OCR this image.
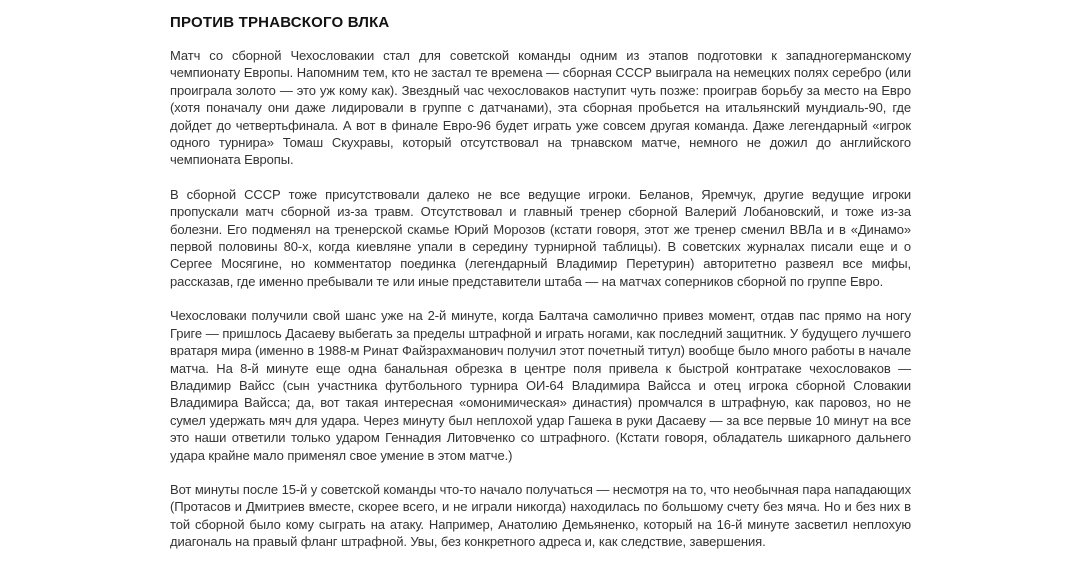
ПРОТИВ ТРНАВСКОГО ВЛКА

Матч со сборной Чехословакии стал для советской команды одним из этапов подготовки к западногерманскому чемпионату Европы. Напомним тем, кто не застал те времена — сборная СССР выиграла на немецких полях серебро (или проиграла золото — это уж кому как). Звездный час чехословаков наступит чуть позже: проиграв борьбу за место на Евро (хотя поначалу они даже лидировали в группе с датчанами), эта сборная пробьется на итальянский мундиаль-90, где дойдет до четвертьфинала. А вот в финале Евро-96 будет играть уже совсем другая команда. Даже легендарный «игрок одного турнира» Томаш Скухравы, который отсутствовал на трнавском матче, немного не дожил до английского чемпионата Европы.

В сборной СССР тоже присутствовали далеко не все ведущие игроки. Беланов, Яремчук, другие ведущие игроки пропускали матч сборной из-за травм. Отсутствовал и главный тренер сборной Валерий Лобановский, и тоже из-за болезни. Его подменял на тренерской скамье Юрий Морозов (кстати говоря, этот же тренер сменил ВВЛа и в «Динамо» первой половины 80-х, когда киевляне упали в середину турнирной таблицы). В советских журналах писали еще и о Сергее Мосягине, но комментатор поединка (легендарный Владимир Перетурин) авторитетно развеял все мифы, рассказав, где именно пребывали те или иные представители штаба — на матчах соперников сборной по группе Евро.

Чехословаки получили свой шанс уже на 2-й минуте, когда Балтача самолично привез момент, отдав пас прямо на ногу Григе — пришлось Дасаеву выбегать за пределы штрафной и играть ногами, как последний защитник. У будущего лучшего вратаря мира (именно в 1988-м Ринат Файзрахманович получил этот почетный титул) вообще было много работы в начале матча. На 8-й минуте еще одна банальная обрезка в центре поля привела к быстрой контратаке чехословаков — Владимир Вайсс (сын участника футбольного турнира ОИ-64 Владимира Вайсса и отец игрока сборной Словакии Владимира Вайсса; да, вот такая интересная «омонимическая» династия) промчался в штрафную, как паровоз, но не сумел удержать мяч для удара. Через минуту был неплохой удар Гашека в руки Дасаеву — за все первые 10 минут на все это наши ответили только ударом Геннадия Литовченко со штрафного. (Кстати говоря, обладатель шикарного дальнего удара крайне мало применял свое умение в этом матче.)

Вот минуты после 15-й у советской команды что-то начало получаться — несмотря на то, что необычная пара нападающих (Протасов и Дмитриев вместе, скорее всего, и не играли никогда) находилась по большому счету без мяча. Но и без них в той сборной было кому сыграть на атаку. Например, Анатолию Демьяненко, который на 16-й минуте засветил неплохую диагональ на правый фланг штрафной. Увы, без конкретного адреса и, как следствие, завершения.
